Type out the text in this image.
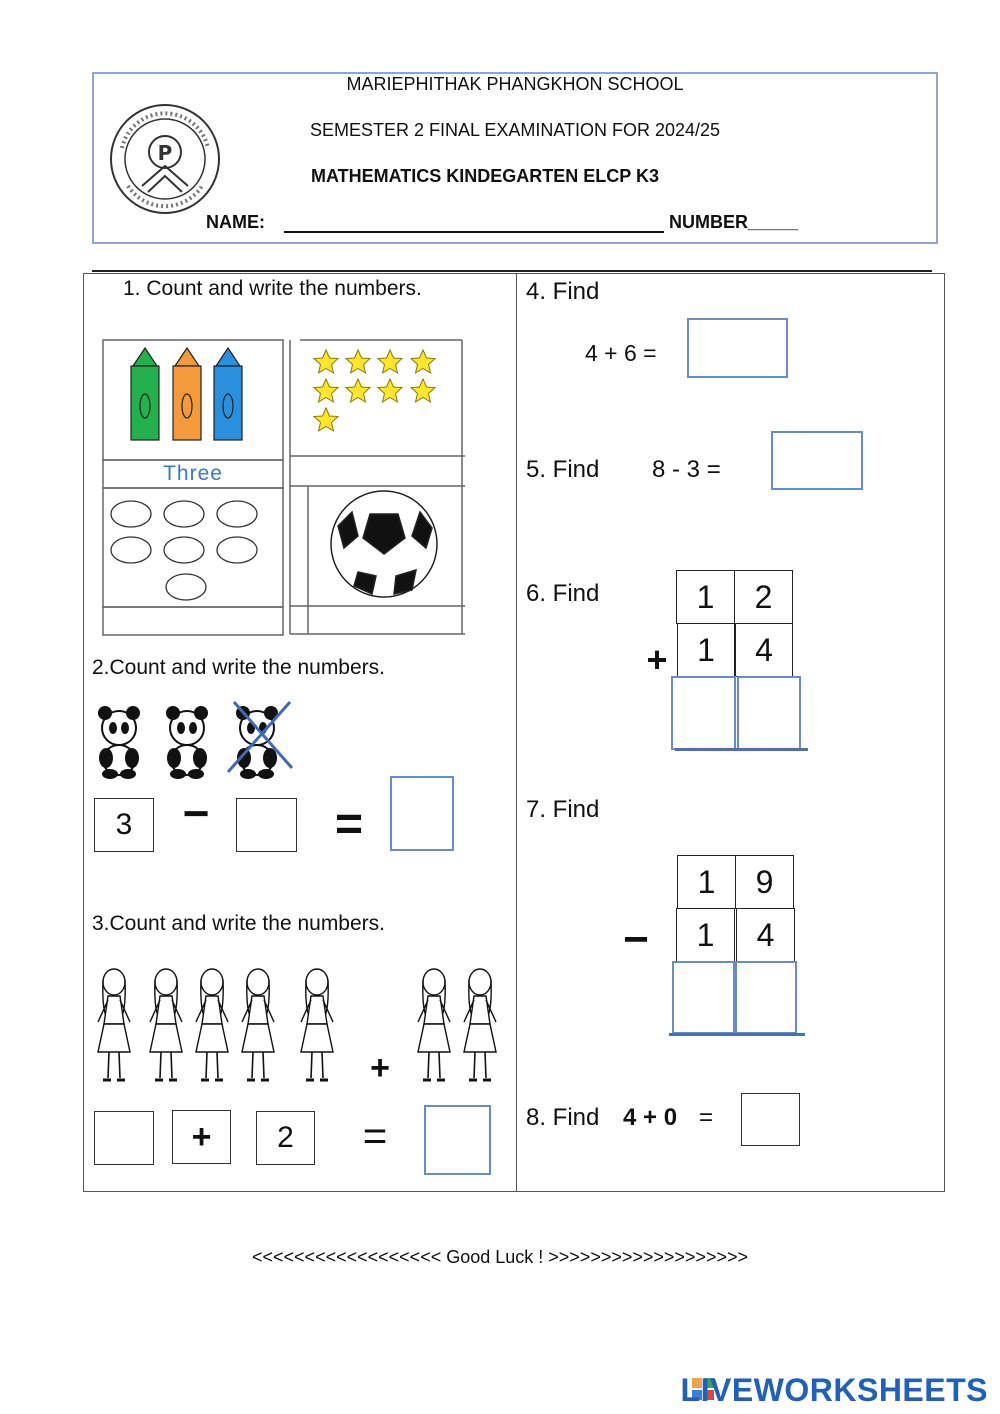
P
MARIEPHITHAK PHANGKHON SCHOOL
SEMESTER 2 FINAL EXAMINATION FOR 2024/25
MATHEMATICS KINDEGARTEN ELCP K3
NAME:	NUMBER_____
1. Count and write the numbers.
Three
2.Count and write the numbers.
3	−	=
3.Count and write the numbers.
+
+	2	=
4. Find
4 + 6 =
5. Find 8 - 3 =
6. Find	1	2
1	4
+
7. Find
1	9
1	4
−
8. Find 4 + 0 =
<<<<<<<<<<<<<<<<<< Good Luck ! >>>>>>>>>>>>>>>>>>>
LIVEWORKSHEETS
